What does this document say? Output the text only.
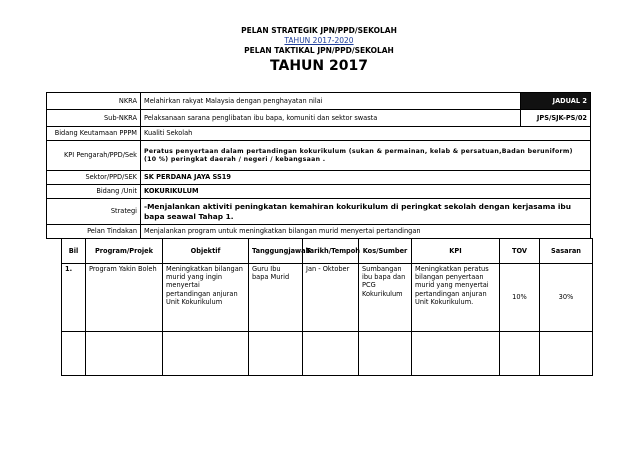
PELAN STRATEGIK JPN/PPD/SEKOLAH
TAHUN 2017-2020
PELAN TAKTIKAL JPN/PPD/SEKOLAH
TAHUN 2017
NKRA	Melahirkan rakyat Malaysia dengan penghayatan nilai	JADUAL 2
Sub-NKRA	Pelaksanaan sarana penglibatan ibu bapa, komuniti dan sektor swasta	JPS/SJK-PS/02
Bidang Keutamaan PPPM	Kualiti Sekolah	
KPI Pengarah/PPD/Sek	Peratus penyertaan dalam pertandingan kokurikulum (sukan & permainan, kelab & persatuan,Badan beruniform) (10 %) peringkat daerah / negeri / kebangsaan .	
Sektor/PPD/SEK	SK PERDANA JAYA SS19	
Bidang /Unit	KOKURIKULUM	
Strategi	-Menjalankan aktiviti peningkatan kemahiran kokurikulum di peringkat sekolah dengan kerjasama ibu bapa seawal Tahap 1.	
Pelan Tindakan	Menjalankan program untuk meningkatkan bilangan murid menyertai pertandingan	
Bil	Program/Projek	Objektif	Tanggungjawab	Tarikh/Tempoh	Kos/Sumber	KPI	TOV	Sasaran
1.	Program Yakin Boleh	Meningkatkan bilangan murid yang ingin menyertai pertandingan anjuran Unit Kokurikulum	Guru Ibu bapa Murid	Jan - Oktober	Sumbangan ibu bapa dan PCG Kokurikulum	Meningkatkan peratus bilangan penyertaan murid yang menyertai pertandingan anjuran Unit Kokurikulum.	10%	30%
